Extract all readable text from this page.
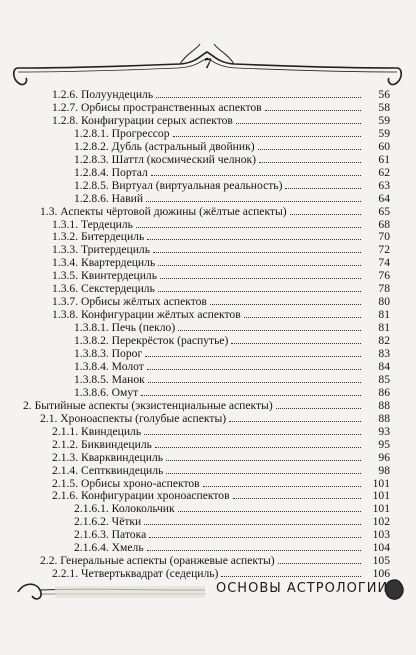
7
1.2.6. Полуундециль	56
1.2.7. Орбисы пространственных аспектов	58
1.2.8. Конфигурации серых аспектов	59
1.2.8.1. Прогрессор	59
1.2.8.2. Дубль (астральный двойник)	60
1.2.8.3. Шаттл (космический челнок)	61
1.2.8.4. Портал	62
1.2.8.5. Виртуал (виртуальная реальность)	63
1.2.8.6. Навий	64
1.3. Аспекты чёртовой дюжины (жёлтые аспекты)	65
1.3.1. Тердециль	68
1.3.2. Битердециль	70
1.3.3. Тритердециль	72
1.3.4. Квартердециль	74
1.3.5. Квинтердециль	76
1.3.6. Секстердециль	78
1.3.7. Орбисы жёлтых аспектов	80
1.3.8. Конфигурации жёлтых аспектов	81
1.3.8.1. Печь (пекло)	81
1.3.8.2. Перекрёсток (распутье)	82
1.3.8.3. Порог	83
1.3.8.4. Молот	84
1.3.8.5. Манок	85
1.3.8.6. Омут	86
2. Бытийные аспекты (экзистенциальные аспекты)	88
2.1. Хроноаспекты (голубые аспекты)	88
2.1.1. Квиндециль	93
2.1.2. Биквиндециль	95
2.1.3. Кварквиндециль	96
2.1.4. Септквиндециль	98
2.1.5. Орбисы хроно-аспектов	101
2.1.6. Конфигурации хроноаспектов	101
2.1.6.1. Колокольчик	101
2.1.6.2. Чётки	102
2.1.6.3. Патока	103
2.1.6.4. Хмель	104
2.2. Генеральные аспекты (оранжевые аспекты)	105
2.2.1. Четвертьквадрат (седециль)	106
ОСНОВЫ АСТРОЛОГИИ
